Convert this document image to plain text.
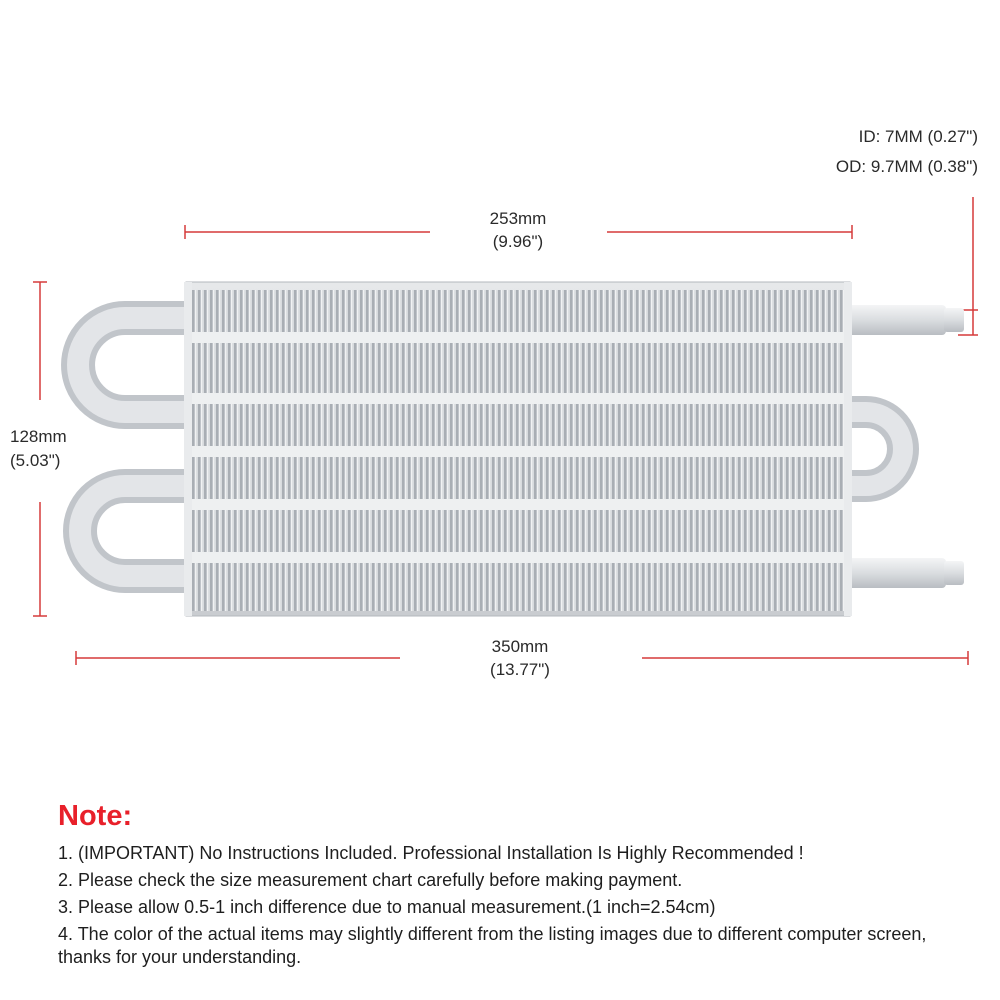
ID: 7MM (0.27")
OD: 9.7MM (0.38")
253mm
(9.96")
128mm
(5.03")
350mm
(13.77")
Note:
1. (IMPORTANT) No Instructions Included. Professional Installation Is Highly Recommended !
2. Please check the size measurement chart carefully before making payment.
3. Please allow 0.5-1 inch difference due to manual measurement.(1 inch=2.54cm)
4. The color of the actual items may slightly different from the listing images due to different computer screen, thanks for your understanding.
